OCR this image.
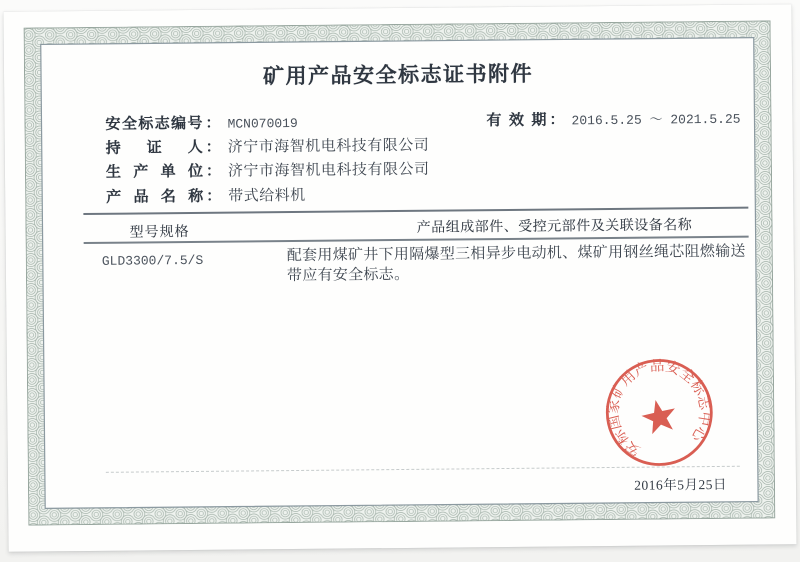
矿用产品安全标志证书附件
安全标志编号 ： MCN070019
持证人 ： 济宁市海智机电科技有限公司
生产单位 ： 济宁市海智机电科技有限公司
产品名称 ： 带式给料机
有效期 ： 2016.5.25 ～ 2021.5.25
型号规格	产品组成部件、受控元部件及关联设备名称
GLD3300/7.5/S	配套用煤矿井下用隔爆型三相异步电动机、煤矿用钢丝绳芯阻燃输送带应有安全标志。
安标国家矿用产品安全标志中心
2016年5月25日
